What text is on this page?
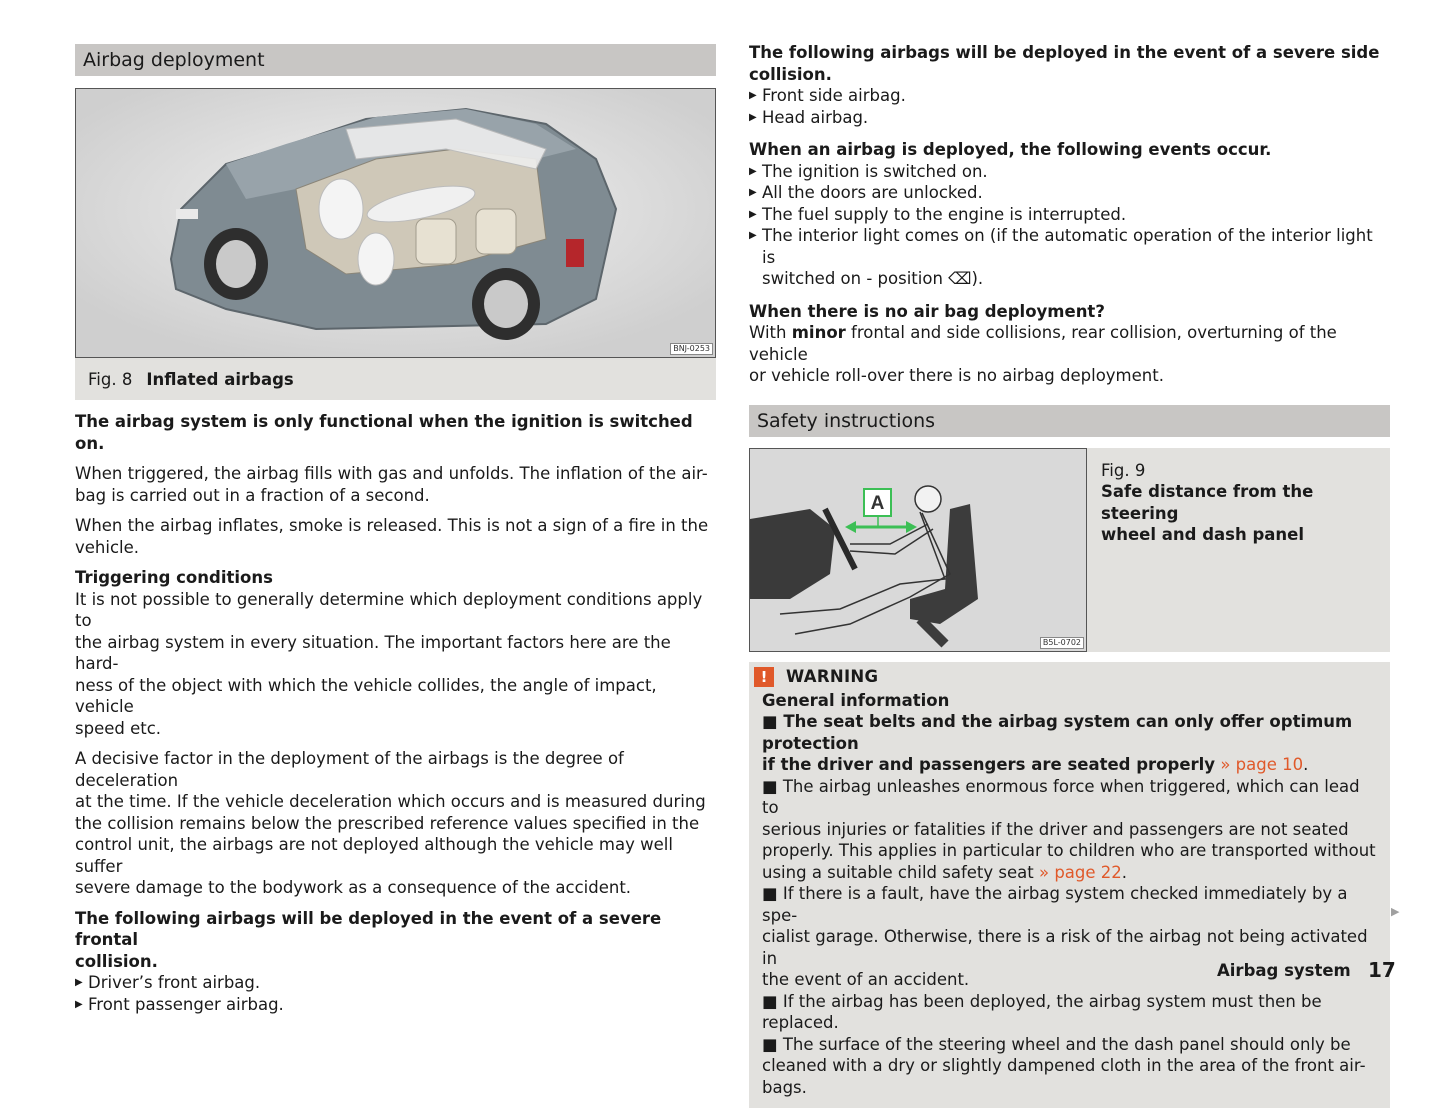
Airbag deployment
BNJ-0253
Fig. 8 Inflated airbags

The airbag system is only functional when the ignition is switched on.

When triggered, the airbag fills with gas and unfolds. The inflation of the air-

bag is carried out in a fraction of a second.

When the airbag inflates, smoke is released. This is not a sign of a fire in the

vehicle.

Triggering conditions

It is not possible to generally determine which deployment conditions apply to

the airbag system in every situation. The important factors here are the hard-

ness of the object with which the vehicle collides, the angle of impact, vehicle

speed etc.

A decisive factor in the deployment of the airbags is the degree of deceleration

at the time. If the vehicle deceleration which occurs and is measured during

the collision remains below the prescribed reference values specified in the

control unit, the airbags are not deployed although the vehicle may well suffer

severe damage to the bodywork as a consequence of the accident.

The following airbags will be deployed in the event of a severe frontal

collision.

▶ Driver’s front airbag.
▶ Front passenger airbag.

The following airbags will be deployed in the event of a severe side collision.

▶ Front side airbag.
▶ Head airbag.

When an airbag is deployed, the following events occur.

▶ The ignition is switched on.
▶ All the doors are unlocked.
▶ The fuel supply to the engine is interrupted.
▶ The interior light comes on (if the automatic operation of the interior light is
switched on - position ⌫).

When there is no air bag deployment?

With minor frontal and side collisions, rear collision, overturning of the vehicle

or vehicle roll-over there is no airbag deployment.

Safety instructions
A
B5L-0702

Fig. 9

Safe distance from the steering

wheel and dash panel

!	WARNING

General information

■ The seat belts and the airbag system can only offer optimum protection

if the driver and passengers are seated properly » page 10.

■ The airbag unleashes enormous force when triggered, which can lead to

serious injuries or fatalities if the driver and passengers are not seated

properly. This applies in particular to children who are transported without

using a suitable child safety seat » page 22.

■ If there is a fault, have the airbag system checked immediately by a spe-

cialist garage. Otherwise, there is a risk of the airbag not being activated in

the event of an accident.

■ If the airbag has been deployed, the airbag system must then be replaced.

■ The surface of the steering wheel and the dash panel should only be

cleaned with a dry or slightly dampened cloth in the area of the front air-

bags.

▶
Airbag system 17
